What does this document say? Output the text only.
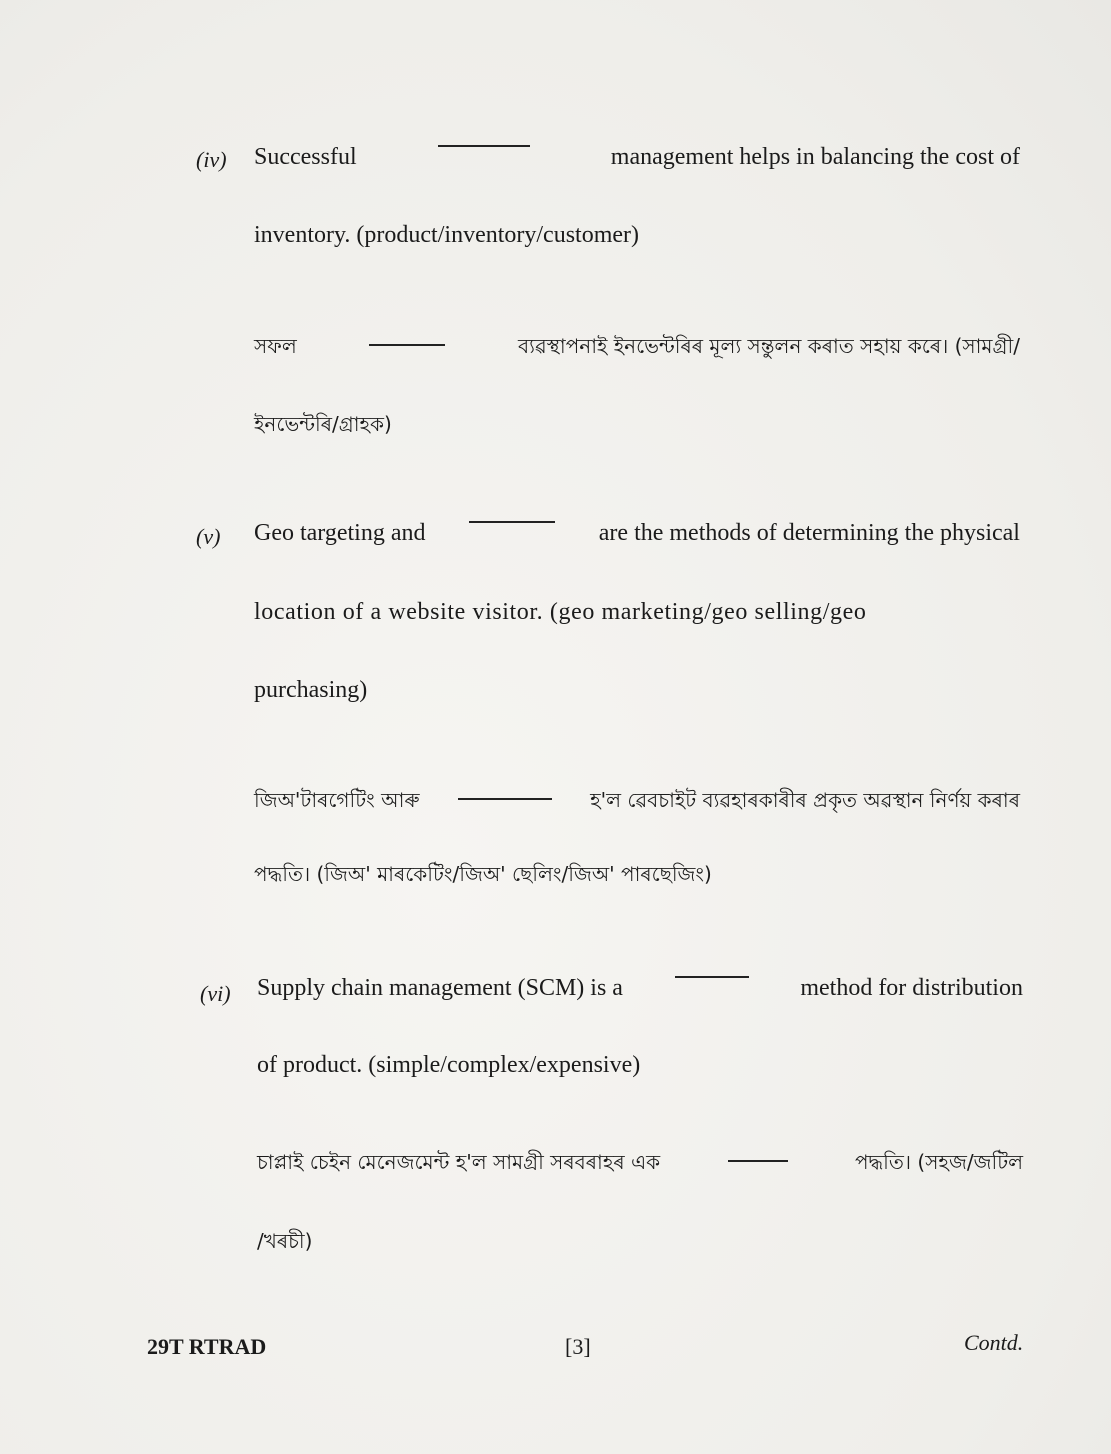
(iv) Successful	management helps in balancing the cost of
inventory. (product/inventory/customer)
সফল	ব্যৱস্থাপনাই ইনভেন্টৰিৰ মূল্য সন্তুলন কৰাত সহায় কৰে। (সামগ্ৰী/
ইনভেন্টৰি/গ্ৰাহক)
(v) Geo targeting and	are the methods of determining the physical
location of a website visitor. (geo marketing/geo selling/geo
purchasing)
জিঅ'টাৰগেটিং আৰু	হ'ল ৱেবচাইট ব্যৱহাৰকাৰীৰ প্ৰকৃত অৱস্থান নিৰ্ণয় কৰাৰ
পদ্ধতি। (জিঅ' মাৰকেটিং/জিঅ' ছেলিং/জিঅ' পাৰছেজিং)
(vi) Supply chain management (SCM) is a	method for distribution
of product. (simple/complex/expensive)
চাপ্লাই চেইন মেনেজমেন্ট হ'ল সামগ্ৰী সৰবৰাহৰ এক	পদ্ধতি। (সহজ/জটিল
/খৰচী)
29T RTRAD	[3]	Contd.
